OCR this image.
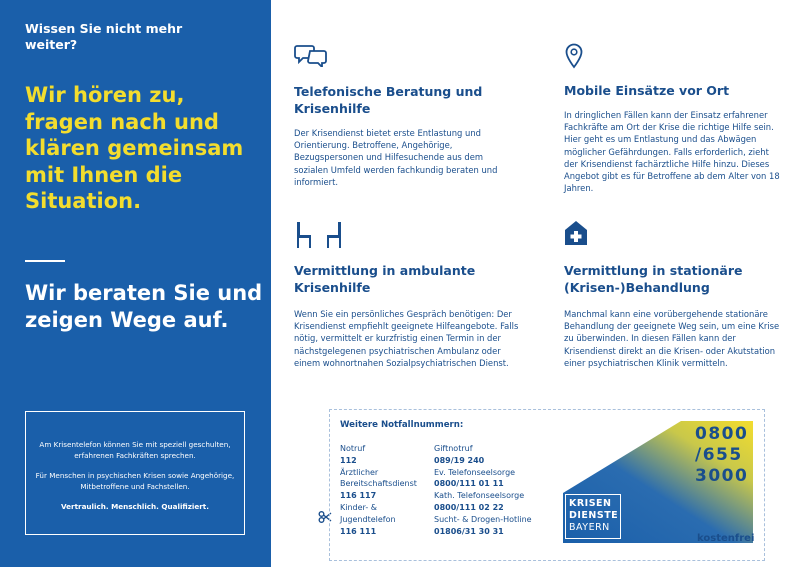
Wissen Sie nicht mehr weiter?
Wir hören zu, fragen nach und klären gemeinsam mit Ihnen die Situation.
Wir beraten Sie und zeigen Wege auf.

Am Krisentelefon können Sie mit speziell geschulten, erfahrenen Fachkräften sprechen.

Für Menschen in psychischen Krisen sowie Angehörige, Mitbetroffene und Fachstellen.

Vertraulich. Menschlich. Qualifiziert.

Telefonische Beratung und Krisenhilfe
Der Krisendienst bietet erste Entlastung und Orientierung. Betroffene, Angehörige, Bezugspersonen und Hilfesuchende aus dem sozialen Umfeld werden fachkundig beraten und informiert.
Mobile Einsätze vor Ort
In dringlichen Fällen kann der Einsatz erfahrener Fachkräfte am Ort der Krise die richtige Hilfe sein. Hier geht es um Entlastung und das Abwägen möglicher Gefährdungen. Falls erforderlich, zieht der Krisendienst fachärztliche Hilfe hinzu. Dieses Angebot gibt es für Betroffene ab dem Alter von 18 Jahren.
Vermittlung in ambulante Krisenhilfe
Wenn Sie ein persönliches Gespräch benötigen: Der Krisendienst empfiehlt geeignete Hilfeangebote. Falls nötig, vermittelt er kurzfristig einen Termin in der nächstgelegenen psychiatrischen Ambulanz oder einem wohnortnahen Sozialpsychiatrischen Dienst.
Vermittlung in stationäre (Krisen-)Behandlung
Manchmal kann eine vorübergehende stationäre Behandlung der geeignete Weg sein, um eine Krise zu überwinden. In diesen Fällen kann der Krisendienst direkt an die Krisen- oder Akutstation einer psychiatrischen Klinik vermitteln.
Weitere Notfallnummern:
Notruf
112
Ärztlicher Bereitschaftsdienst
116 117
Kinder- & Jugendtelefon
116 111
Giftnotruf
089/19 240
Ev. Telefonseelsorge
0800/111 01 11
Kath. Telefonseelsorge
0800/111 02 22
Sucht- & Drogen-Hotline
01806/31 30 31
0800
/655
3000
KRISEN
DIENSTE
BAYERN
kostenfrei
